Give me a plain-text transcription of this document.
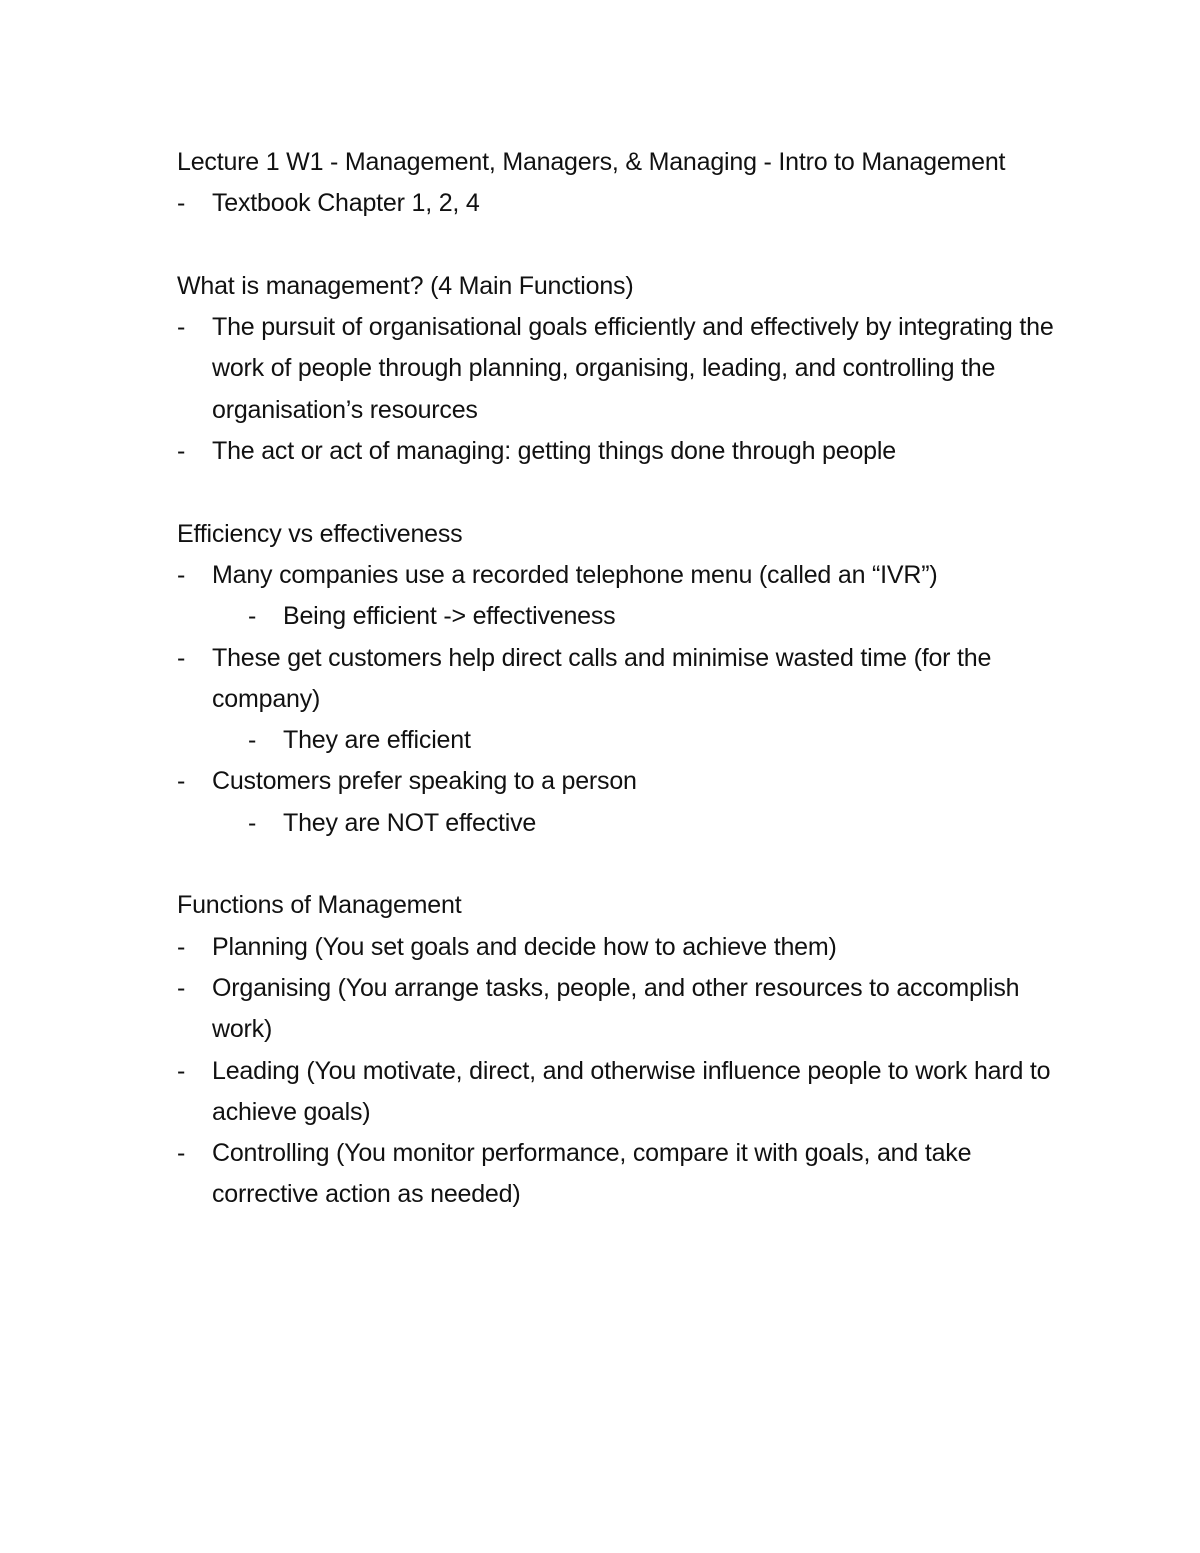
Lecture 1 W1 - Management, Managers, & Managing - Intro to Management

-	Textbook Chapter 1, 2, 4

What is management? (4 Main Functions)

-	The pursuit of organisational goals efficiently and effectively by integrating the work of people through planning, organising, leading, and controlling the organisation’s resources

-	The act or act of managing: getting things done through people

Efficiency vs effectiveness

-	Many companies use a recorded telephone menu (called an “IVR”)

-	Being efficient -> effectiveness

-	These get customers help direct calls and minimise wasted time (for the company)

-	They are efficient

-	Customers prefer speaking to a person

-	They are NOT effective

Functions of Management

-	Planning (You set goals and decide how to achieve them)

-	Organising (You arrange tasks, people, and other resources to accomplish work)

-	Leading (You motivate, direct, and otherwise influence people to work hard to achieve goals)

-	Controlling (You monitor performance, compare it with goals, and take corrective action as needed)
